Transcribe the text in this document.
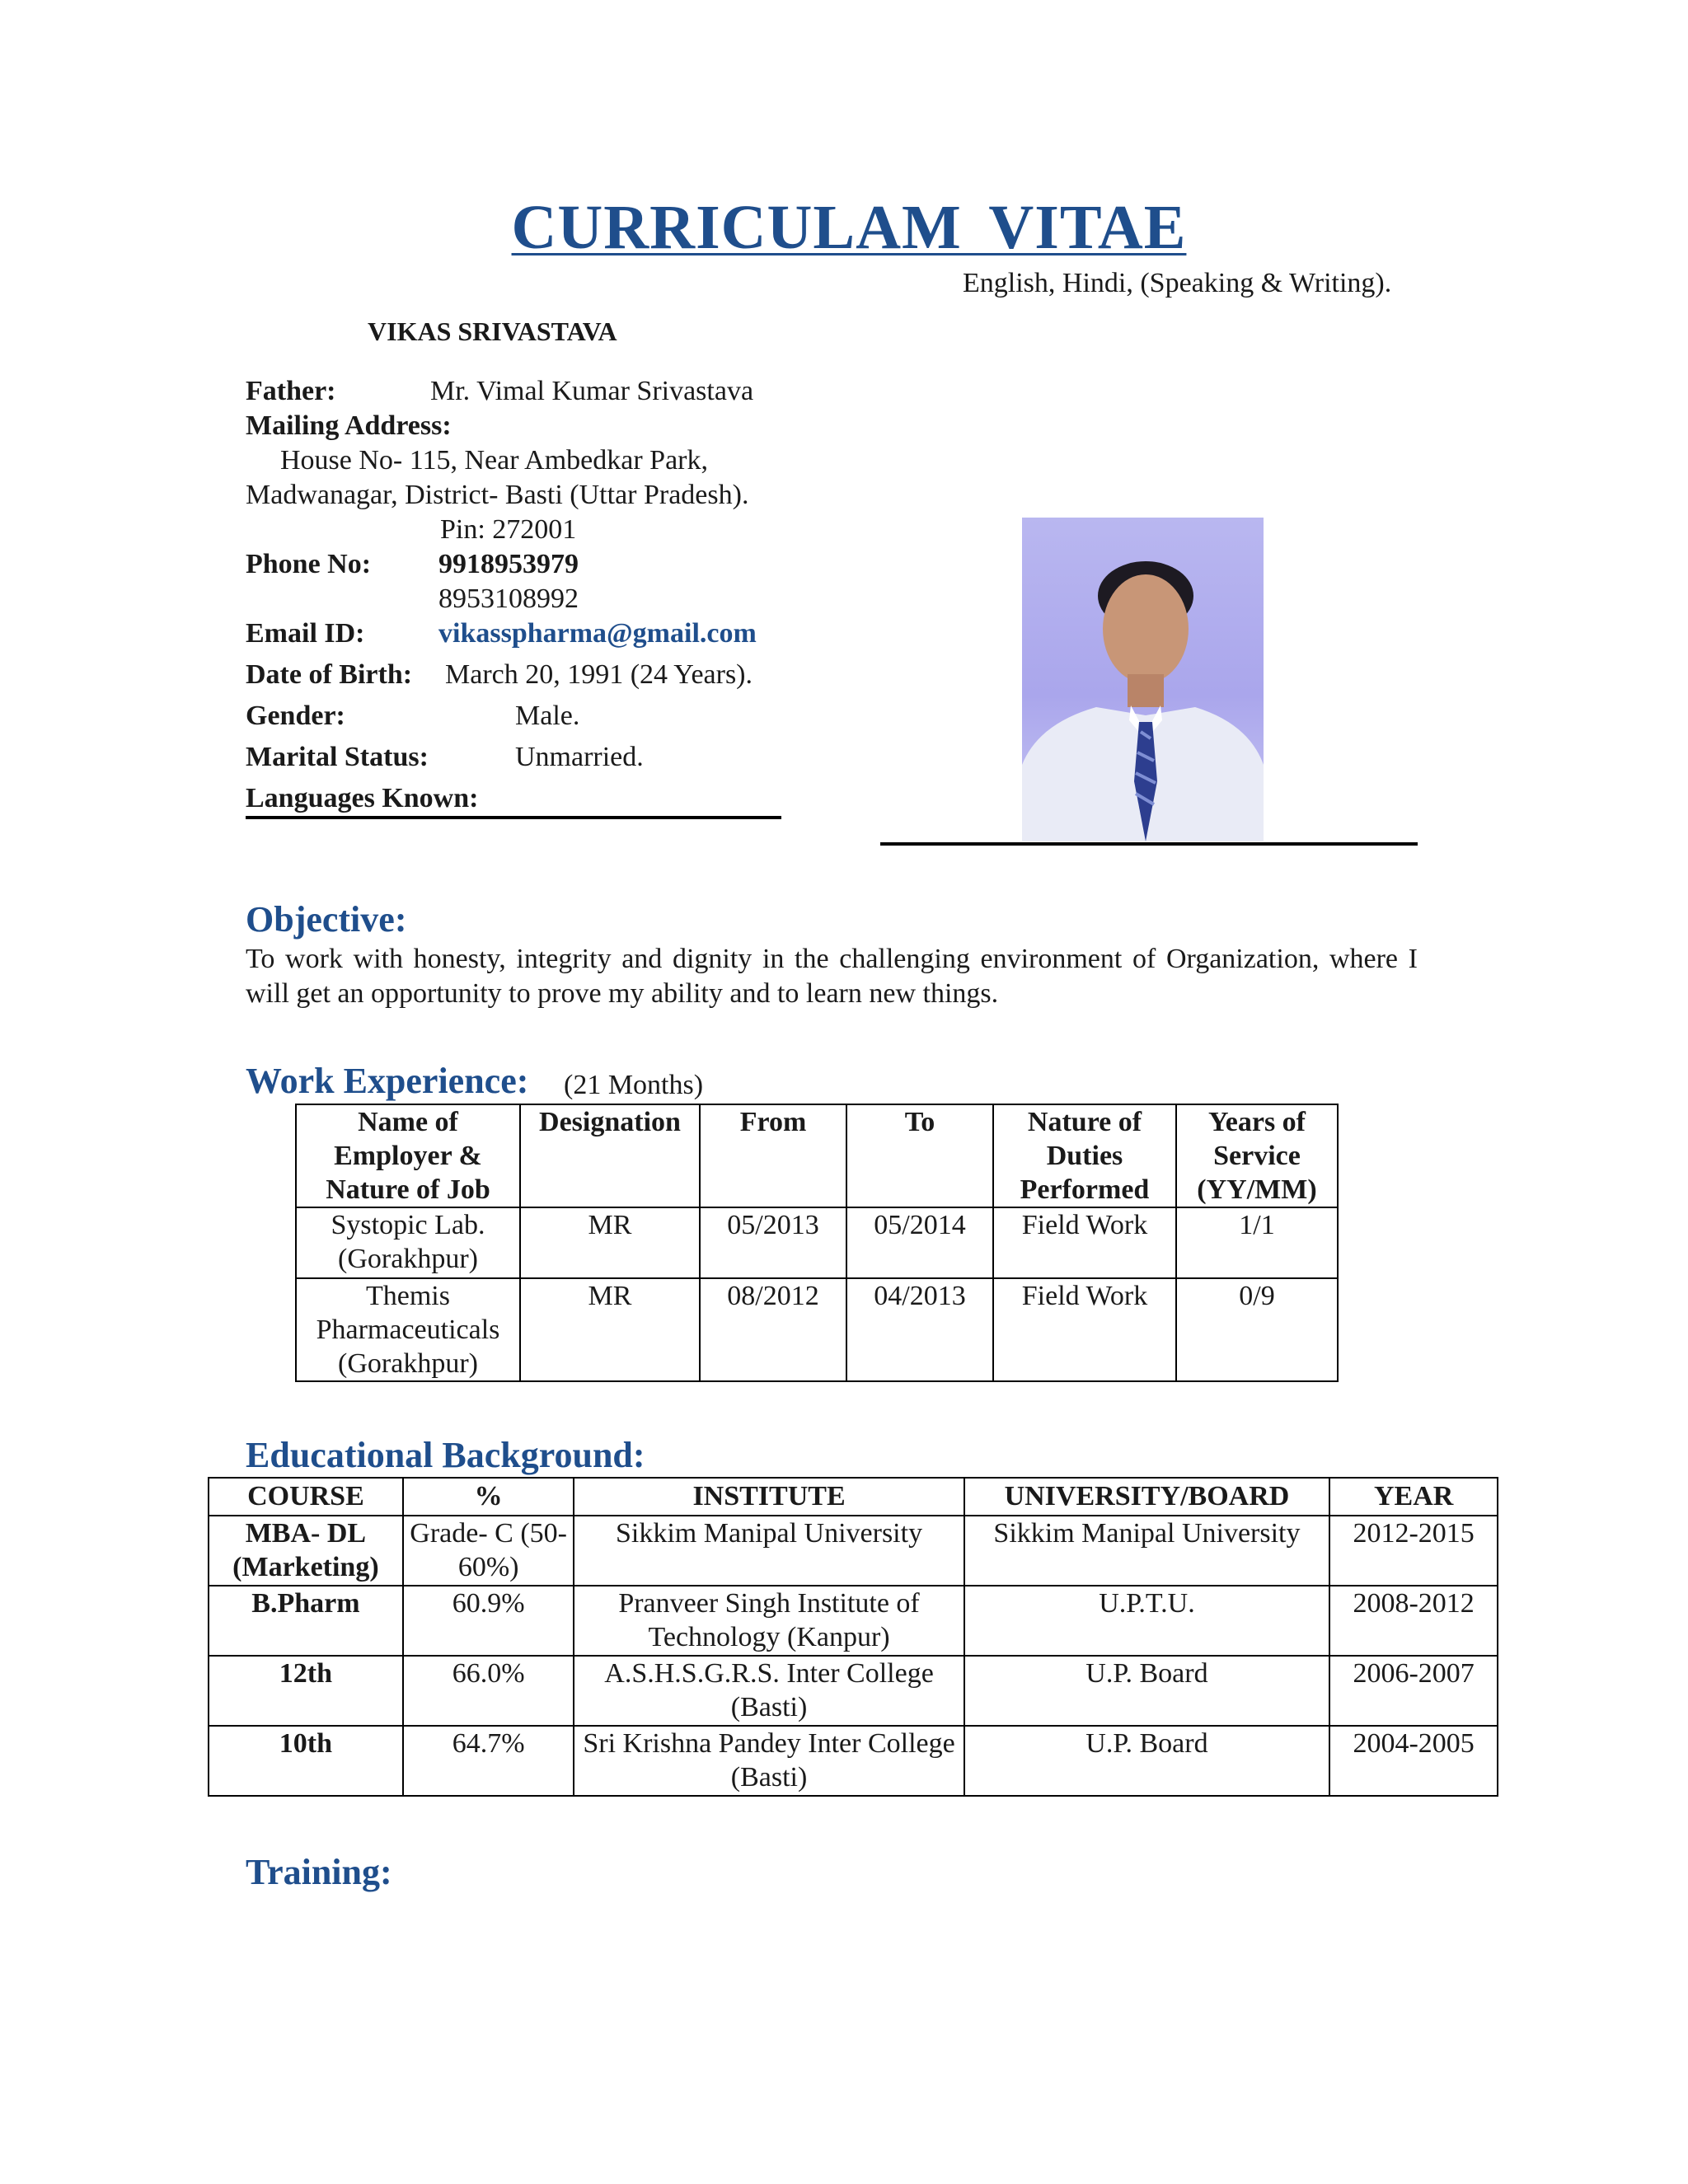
CURRICULAM VITAE
English, Hindi, (Speaking & Writing).
VIKAS SRIVASTAVA
Father:	Mr. Vimal Kumar Srivastava
Mailing Address:
House No- 115, Near Ambedkar Park,
Madwanagar, District- Basti (Uttar Pradesh).
Pin: 272001
Phone No: 9918953979
8953108992
Email ID:	vikasspharma@gmail.com
Date of Birth: March 20, 1991 (24 Years).
Gender:	Male.
Marital Status:	Unmarried.
Languages Known:
Objective:
To work with honesty, integrity and dignity in the challenging environment of Organization, where I will get an opportunity to prove my ability and to learn new things.
Work Experience: (21 Months)
Name of Employer & Nature of Job	Designation	From	To	Nature of Duties Performed	Years of Service (YY/MM)
Systopic Lab. (Gorakhpur)	MR	05/2013	05/2014	Field Work	1/1
Themis Pharmaceuticals (Gorakhpur)	MR	08/2012	04/2013	Field Work	0/9
Educational Background:
COURSE	%	INSTITUTE	UNIVERSITY/BOARD	YEAR
MBA- DL (Marketing)	Grade- C (50-60%)	Sikkim Manipal University	Sikkim Manipal University	2012-2015
B.Pharm	60.9%	Pranveer Singh Institute of Technology (Kanpur)	U.P.T.U.	2008-2012
12th	66.0%	A.S.H.S.G.R.S. Inter College (Basti)	U.P. Board	2006-2007
10th	64.7%	Sri Krishna Pandey Inter College (Basti)	U.P. Board	2004-2005
Training:
